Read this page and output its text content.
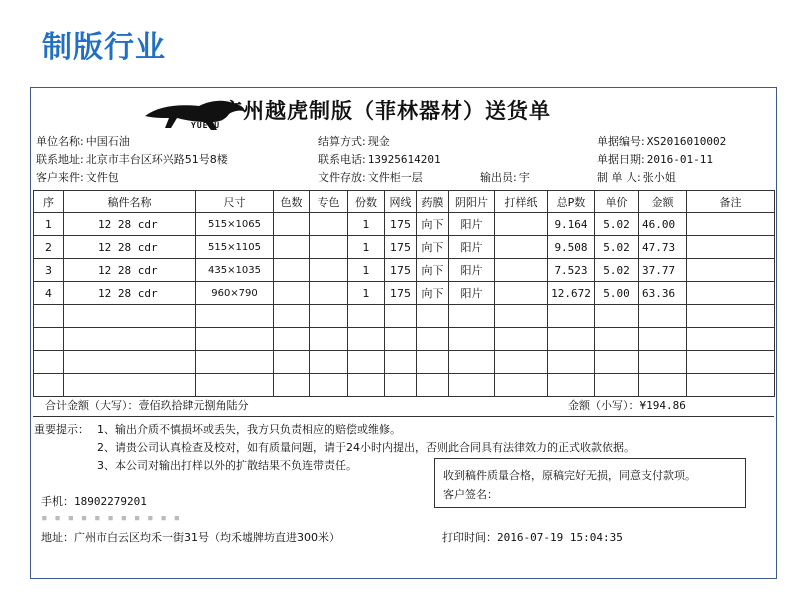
制版行业
YUEHU
广州越虎制版（菲林器材）送货单
单位名称: 中国石油
联系地址: 北京市丰台区环兴路51号8楼
客户来件: 文件包
结算方式: 现金
联系电话: 13925614201
文件存放: 文件柜一层	输出员: 宇
单据编号: XS2016010002
单据日期: 2016-01-11
制 单 人: 张小姐
序	稿件名称	尺寸	色数	专色	份数	网线	药膜	阴阳片	打样纸	总P数	单价	金额	备注
1	12 28 cdr	515×1065			1	175	向下	阳片		9.164	5.02	46.00	
2	12 28 cdr	515×1105			1	175	向下	阳片		9.508	5.02	47.73	
3	12 28 cdr	435×1035			1	175	向下	阳片		7.523	5.02	37.77	
4	12 28 cdr	960×790			1	175	向下	阳片		12.672	5.00	63.36	

合计金额（大写）：壹佰玖拾肆元捌角陆分	金额（小写）：¥194.86
重要提示： 1、输出介质不慎损坏或丢失，我方只负责相应的赔偿或维修。
2、请贵公司认真检查及校对，如有质量问题，请于24小时内提出，否则此合同具有法律效力的正式收款依据。
3、本公司对输出打样以外的扩散结果不负连带责任。
收到稿件质量合格，原稿完好无损，同意支付款项。
客户签名：
手机：18902279201
▪ ▪ ▪ ▪ ▪ ▪ ▪ ▪ ▪ ▪ ▪
地址：广州市白云区均禾一街31号（均禾墟牌坊直进300米）	打印时间：2016-07-19 15:04:35
